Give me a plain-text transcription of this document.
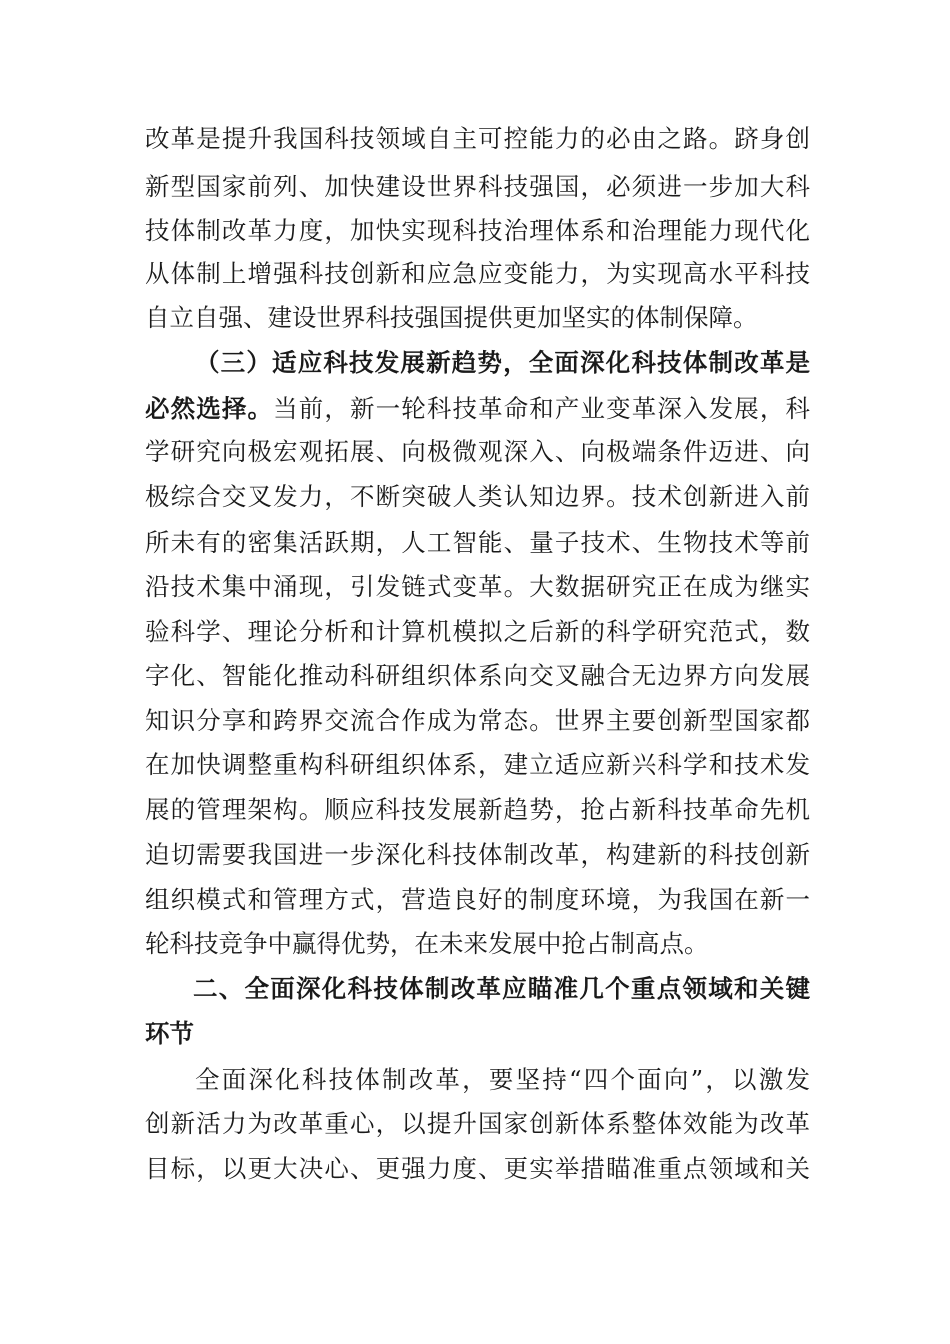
改革是提升我国科技领域自主可控能力的必由之路。跻身创
新型国家前列、加快建设世界科技强国，必须进一步加大科
技体制改革力度，加快实现科技治理体系和治理能力现代化
从体制上增强科技创新和应急应变能力，为实现高水平科技
自立自强、建设世界科技强国提供更加坚实的体制保障。
（三）适应科技发展新趋势，全面深化科技体制改革是
必然选择。当前，新一轮科技革命和产业变革深入发展，科
学研究向极宏观拓展、向极微观深入、向极端条件迈进、向
极综合交叉发力，不断突破人类认知边界。技术创新进入前
所未有的密集活跃期，人工智能、量子技术、生物技术等前
沿技术集中涌现，引发链式变革。大数据研究正在成为继实
验科学、理论分析和计算机模拟之后新的科学研究范式，数
字化、智能化推动科研组织体系向交叉融合无边界方向发展
知识分享和跨界交流合作成为常态。世界主要创新型国家都
在加快调整重构科研组织体系，建立适应新兴科学和技术发
展的管理架构。顺应科技发展新趋势，抢占新科技革命先机
迫切需要我国进一步深化科技体制改革，构建新的科技创新
组织模式和管理方式，营造良好的制度环境，为我国在新一
轮科技竞争中赢得优势，在未来发展中抢占制高点。
二、全面深化科技体制改革应瞄准几个重点领域和关键
环节
全面深化科技体制改革，要坚持“四个面向”，以激发
创新活力为改革重心，以提升国家创新体系整体效能为改革
目标，以更大决心、更强力度、更实举措瞄准重点领域和关
